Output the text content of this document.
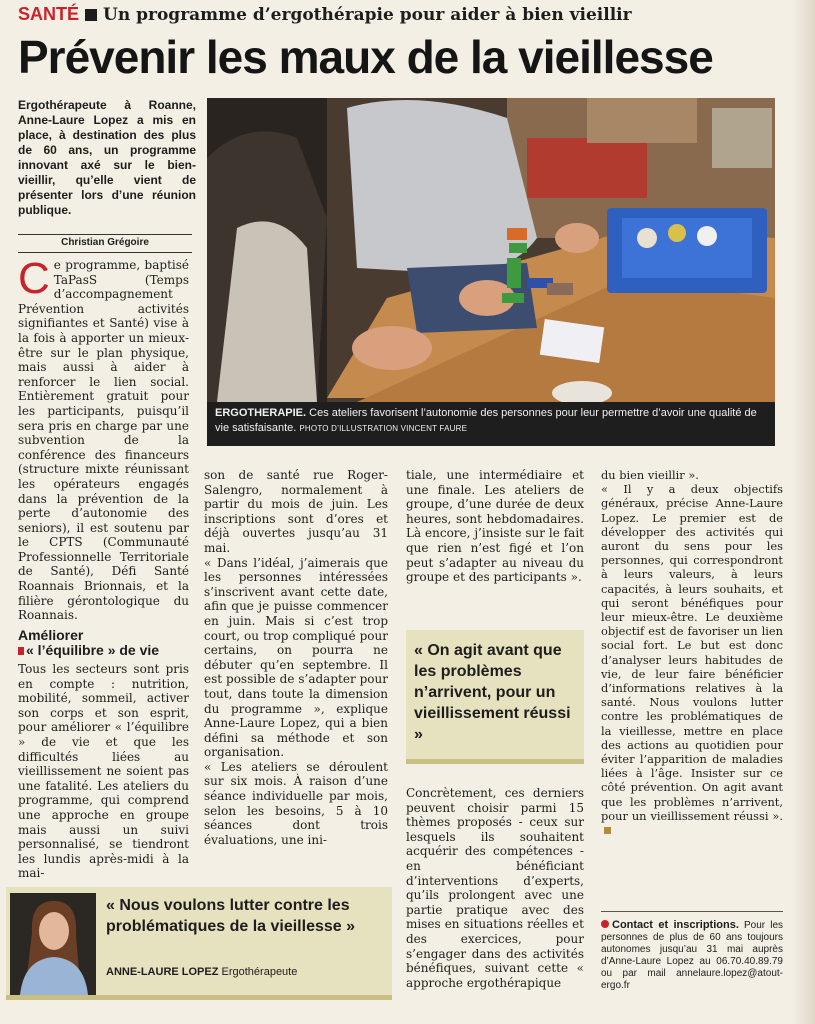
SANTÉ Un programme d’ergothérapie pour aider à bien vieillir
Prévenir les maux de la vieillesse
Ergothérapeute à Roanne, Anne-Laure Lopez a mis en place, à destination des plus de 60 ans, un programme innovant axé sur le bien-vieillir, qu’elle vient de présenter lors d’une réunion publique.
Christian Grégoire
ERGOTHERAPIE. Ces ateliers favorisent l’autonomie des personnes pour leur permettre d’avoir une qualité de vie satisfaisante. PHOTO D’ILLUSTRATION VINCENT FAURE
Ce programme, baptisé TaPasS (Temps d’accompagnement Prévention activités signifiantes et Santé) vise à la fois à apporter un mieux-être sur le plan physique, mais aussi à aider à renforcer le lien social. Entièrement gratuit pour les participants, puisqu’il sera pris en charge par une subvention de la conférence des financeurs (structure mixte réunissant les opérateurs engagés dans la prévention de la perte d’autonomie des seniors), il est soutenu par le CPTS (Communauté Professionnelle Territoriale de Santé), Défi Santé Roannais Brionnais, et la filière gérontologique du Roannais.
Améliorer
« l’équilibre » de vie

Tous les secteurs sont pris en compte : nutrition, mobilité, sommeil, activer son corps et son esprit, pour améliorer « l’équilibre » de vie et que les difficultés liées au vieillissement ne soient pas une fatalité. Les ateliers du programme, qui comprend une approche en groupe mais aussi un suivi personnalisé, se tiendront les lundis après-midi à la mai-

son de santé rue Roger-Salengro, normalement à partir du mois de juin. Les inscriptions sont d’ores et déjà ouvertes jusqu’au 31 mai.

« Dans l’idéal, j’aimerais que les personnes intéressées s’inscrivent avant cette date, afin que je puisse commencer en juin. Mais si c’est trop court, ou trop compliqué pour certains, on pourra ne débuter qu’en septembre. Il est possible de s’adapter pour tout, dans toute la dimension du programme », explique Anne-Laure Lopez, qui a bien défini sa méthode et son organisation.

« Les ateliers se déroulent sur six mois. À raison d’une séance individuelle par mois, selon les besoins, 5 à 10 séances dont trois évaluations, une ini-

tiale, une intermédiaire et une finale. Les ateliers de groupe, d’une durée de deux heures, sont hebdomadaires. Là encore, j’insiste sur le fait que rien n’est figé et l’on peut s’adapter au niveau du groupe et des participants ».

« On agit avant que les problèmes n’arrivent, pour un vieillissement réussi »

Concrètement, ces derniers peuvent choisir parmi 15 thèmes proposés - ceux sur lesquels ils souhaitent acquérir des compétences - en bénéficiant d’interventions d’experts, qu’ils prolongent avec une partie pratique avec des mises en situations réelles et des exercices, pour s’engager dans des activités bénéfiques, suivant cette « approche ergothérapique

du bien vieillir ».

« Il y a deux objectifs généraux, précise Anne-Laure Lopez. Le premier est de développer des activités qui auront du sens pour les personnes, qui correspondront à leurs valeurs, à leurs capacités, à leurs souhaits, et qui seront bénéfiques pour leur mieux-être. Le deuxième objectif est de favoriser un lien social fort. Le but est donc d’analyser leurs habitudes de vie, de leur faire bénéficier d’informations relatives à la santé. Nous voulons lutter contre les problématiques de la vieillesse, mettre en place des actions au quotidien pour éviter l’apparition de maladies liées à l’âge. Insister sur ce côté prévention. On agit avant que les problèmes n’arrivent, pour un vieillissement réussi ».

« Nous voulons lutter contre les problématiques de la vieillesse »
ANNE-LAURE LOPEZ Ergothérapeute
Contact et inscriptions. Pour les personnes de plus de 60 ans toujours autonomes jusqu’au 31 mai auprès d’Anne-Laure Lopez au 06.70.40.89.79 ou par mail annelaure.lopez@atout-ergo.fr
